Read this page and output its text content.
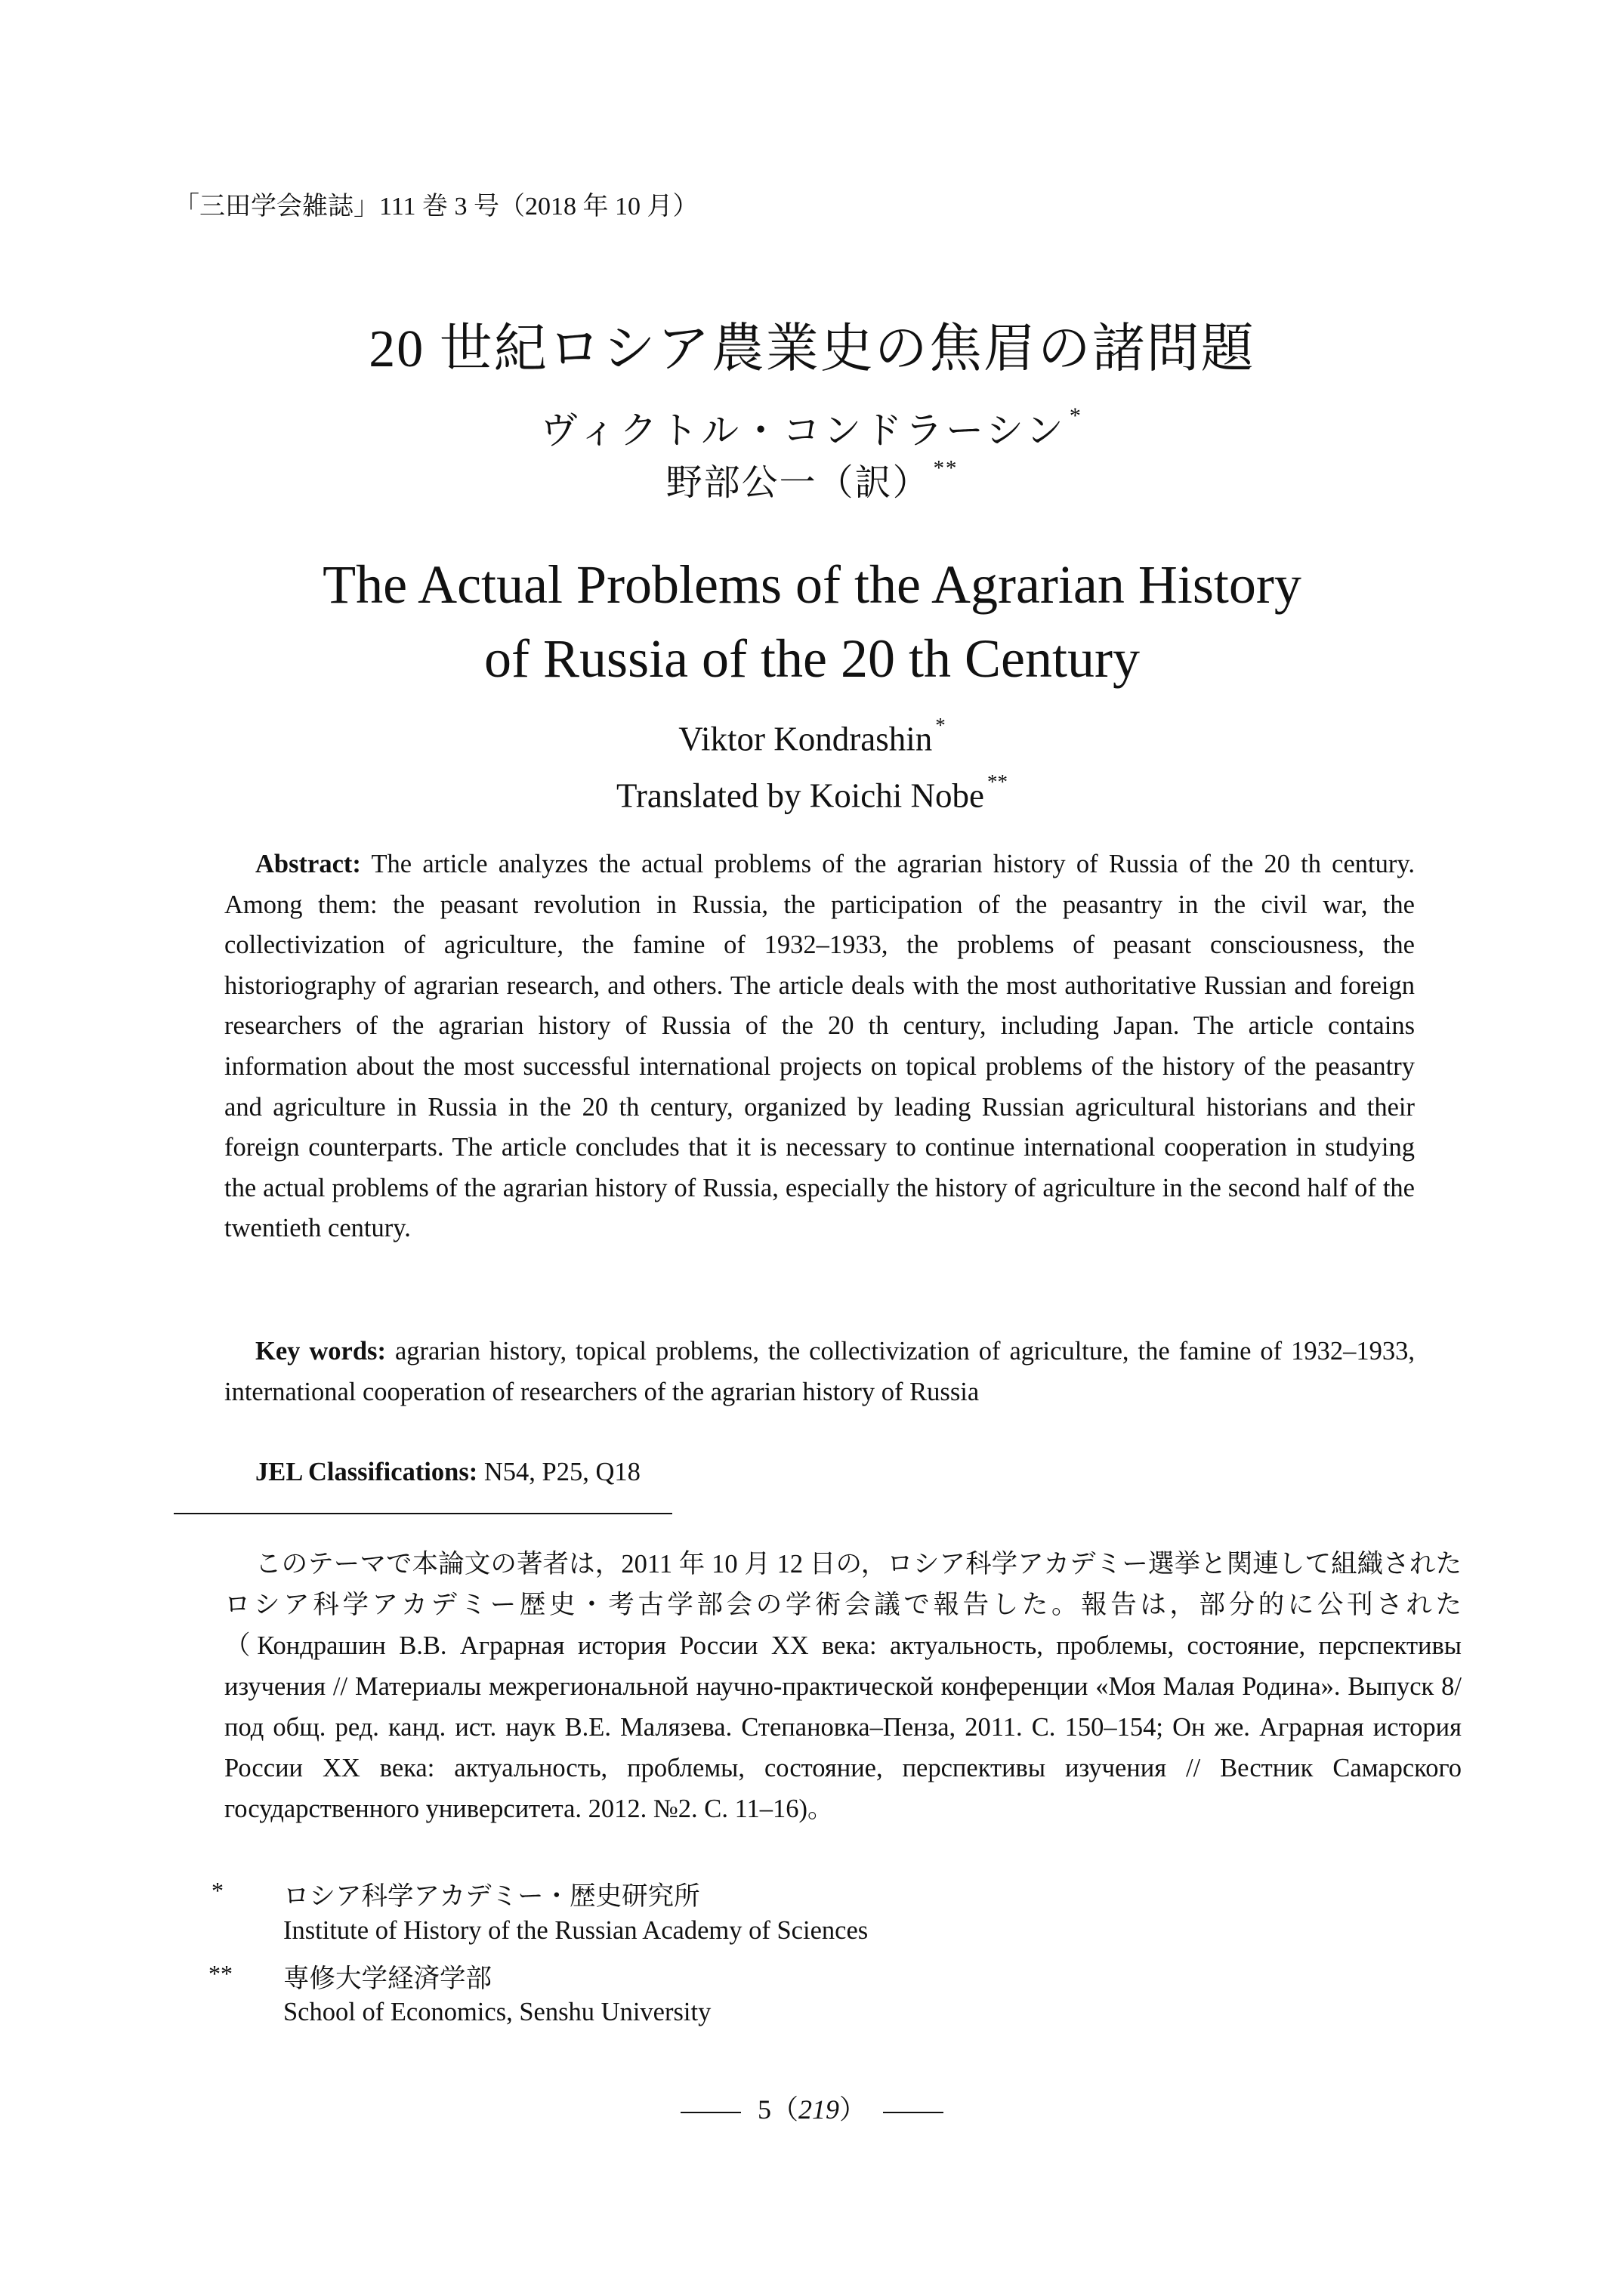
「三田学会雑誌」111 巻 3 号（2018 年 10 月）
20 世紀ロシア農業史の焦眉の諸問題
ヴィクトル・コンドラーシン *
野部公一（訳） **
The Actual Problems of the Agrarian History
of Russia of the 20 th Century
Viktor Kondrashin *
Translated by Koichi Nobe **
Abstract: The article analyzes the actual problems of the agrarian history of Russia of the 20 th century. Among them: the peasant revolution in Russia, the participation of the peasantry in the civil war, the collectivization of agriculture, the famine of 1932–1933, the problems of peasant consciousness, the historiography of agrarian research, and others. The article deals with the most authoritative Russian and foreign researchers of the agrarian history of Russia of the 20 th century, including Japan. The article contains information about the most successful international projects on topical problems of the history of the peasantry and agriculture in Russia in the 20 th century, organized by leading Russian agricultural historians and their foreign counterparts. The article concludes that it is necessary to continue international cooperation in studying the actual problems of the agrarian history of Russia, especially the history of agriculture in the second half of the twentieth century.
Key words: agrarian history, topical problems, the collectivization of agriculture, the famine of 1932–1933, international cooperation of researchers of the agrarian history of Russia
JEL Classifications: N54, P25, Q18
このテーマで本論文の著者は，2011 年 10 月 12 日の，ロシア科学アカデミー選挙と関連して組織されたロシア科学アカデミー歴史・考古学部会の学術会議で報告した。報告は，部分的に公刊された（Кондрашин В.В. Аграрная история России XX века: актуальность, проблемы, состояние, перспективы изучения // Материалы межрегиональной научно-практической конференции «Моя Малая Родина». Выпуск 8/под общ. ред. канд. ист. наук В.Е. Малязева. Степановка–Пенза, 2011. С. 150–154; Он же. Аграрная история России XX века: актуальность, проблемы, состояние, перспективы изучения // Вестник Самарского государственного университета. 2012. №2. С. 11–16)。
* ロシア科学アカデミー・歴史研究所
Institute of History of the Russian Academy of Sciences
** 専修大学経済学部
School of Economics, Senshu University
5（219）
